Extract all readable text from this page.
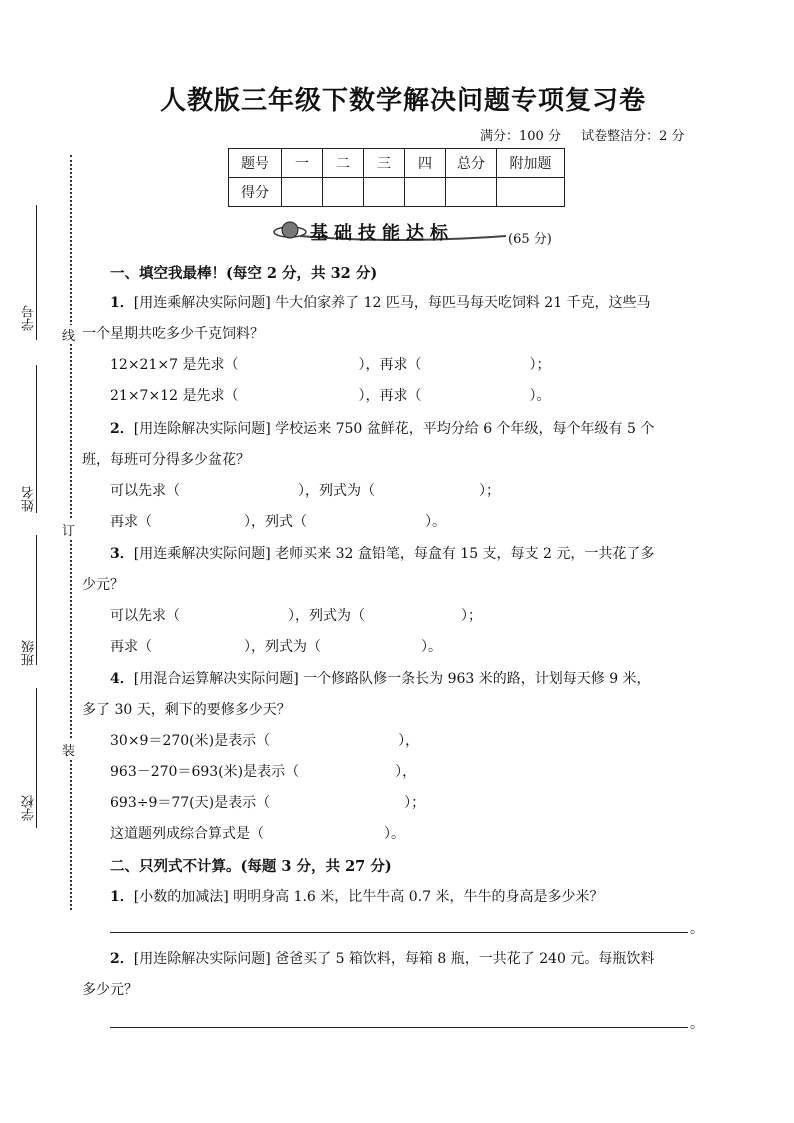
人教版三年级下数学解决问题专项复习卷
满分：100 分 试卷整洁分：2 分
题号	一	二	三	四	总分	附加题
得分						
基础技能达标	(65 分)
学号
姓名
班级
学校
线
订
装
一、填空我最棒！(每空 2 分，共 32 分)
1．[用连乘解决实际问题] 牛大伯家养了 12 匹马，每匹马每天吃饲料 21 千克，这些马
一个星期共吃多少千克饲料？
12×21×7 是先求（	），再求（	）；
21×7×12 是先求（	），再求（	）。
2．[用连除解决实际问题] 学校运来 750 盆鲜花，平均分给 6 个年级，每个年级有 5 个
班，每班可分得多少盆花？
可以先求（	），列式为（	）；
再求（	），列式（	）。
3．[用连乘解决实际问题] 老师买来 32 盒铅笔，每盒有 15 支，每支 2 元，一共花了多
少元？
可以先求（	），列式为（	）；
再求（	），列式为（	）。
4．[用混合运算解决实际问题] 一个修路队修一条长为 963 米的路，计划每天修 9 米，
多了 30 天，剩下的要修多少天？
30×9＝270(米)是表示（	），
963－270＝693(米)是表示（	），
693÷9＝77(天)是表示（	）；
这道题列成综合算式是（	）。
二、只列式不计算。(每题 3 分，共 27 分)
1．[小数的加减法] 明明身高 1.6 米，比牛牛高 0.7 米，牛牛的身高是多少米？
。
2．[用连除解决实际问题] 爸爸买了 5 箱饮料，每箱 8 瓶，一共花了 240 元。每瓶饮料
多少元？
。
